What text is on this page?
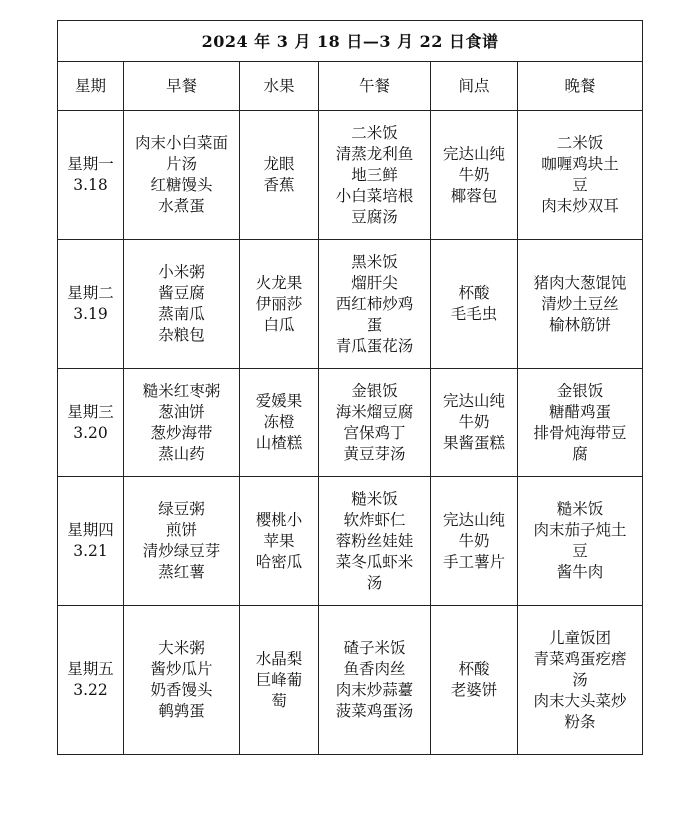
2024 年 3 月 18 日—3 月 22 日食谱					
星期	早餐	水果	午餐	间点	晚餐

星期一
3.18	肉末小白菜面
片汤
红糖馒头
水煮蛋	龙眼
香蕉	二米饭
清蒸龙利鱼
地三鲜
小白菜培根
豆腐汤	完达山纯
牛奶
椰蓉包	二米饭
咖喱鸡块土
豆
肉末炒双耳

星期二
3.19	小米粥
酱豆腐
蒸南瓜
杂粮包	火龙果
伊丽莎
白瓜	黑米饭
熘肝尖
西红柿炒鸡
蛋
青瓜蛋花汤	杯酸
毛毛虫	猪肉大葱馄饨
清炒土豆丝
榆林筋饼

星期三
3.20	糙米红枣粥
葱油饼
葱炒海带
蒸山药	爱媛果
冻橙
山楂糕	金银饭
海米熘豆腐
宫保鸡丁
黄豆芽汤	完达山纯
牛奶
果酱蛋糕	金银饭
糖醋鸡蛋
排骨炖海带豆
腐

星期四
3.21	绿豆粥
煎饼
清炒绿豆芽
蒸红薯	樱桃小
苹果
哈密瓜	糙米饭
软炸虾仁
蓉粉丝娃娃
菜冬瓜虾米
汤	完达山纯
牛奶
手工薯片	糙米饭
肉末茄子炖土
豆
酱牛肉

星期五
3.22	大米粥
酱炒瓜片
奶香馒头
鹌鹑蛋	水晶梨
巨峰葡
萄	碴子米饭
鱼香肉丝
肉末炒蒜薹
菠菜鸡蛋汤	杯酸
老婆饼	儿童饭团
青菜鸡蛋疙瘩
汤
肉末大头菜炒
粉条
